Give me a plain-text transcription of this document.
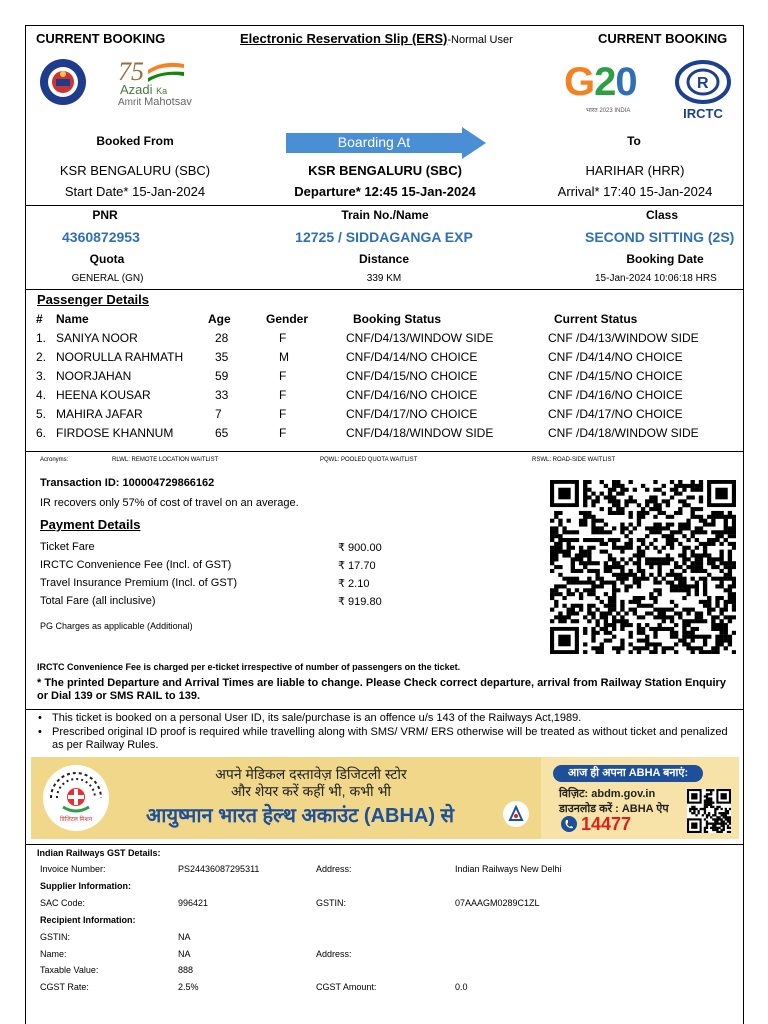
CURRENT BOOKING	CURRENT BOOKING
Electronic Reservation Slip (ERS)-Normal User
75
Azadi Ka
Amrit Mahotsav	G20
भारत 2023 INDIA
R
IRCTC
Booked From	Boarding At	To
KSR BENGALURU (SBC)	KSR BENGALURU (SBC)	HARIHAR (HRR)
Start Date* 15-Jan-2024	Departure* 12:45 15-Jan-2024	Arrival* 17:40 15-Jan-2024
PNR	Train No./Name	Class
4360872953	12725 / SIDDAGANGA EXP	SECOND SITTING (2S)
Quota	Distance	Booking Date
GENERAL (GN)	339 KM	15-Jan-2024 10:06:18 HRS
Passenger Details
# Name	Age	Gender	Booking Status	Current Status
1. SANIYA NOOR	28	F	CNF/D4/13/WINDOW SIDE	CNF /D4/13/WINDOW SIDE
2. NOORULLA RAHMATH	35	M	CNF/D4/14/NO CHOICE	CNF /D4/14/NO CHOICE
3. NOORJAHAN	59	F	CNF/D4/15/NO CHOICE	CNF /D4/15/NO CHOICE
4. HEENA KOUSAR	33	F	CNF/D4/16/NO CHOICE	CNF /D4/16/NO CHOICE
5. MAHIRA JAFAR	7	F	CNF/D4/17/NO CHOICE	CNF /D4/17/NO CHOICE
6. FIRDOSE KHANNUM	65	F	CNF/D4/18/WINDOW SIDE	CNF /D4/18/WINDOW SIDE
Acronyms:	RLWL: REMOTE LOCATION WAITLIST	PQWL: POOLED QUOTA WAITLIST	RSWL: ROAD-SIDE WAITLIST
Transaction ID: 100004729866162
IR recovers only 57% of cost of travel on an average.
Payment Details
Ticket Fare	₹ 900.00
IRCTC Convenience Fee (Incl. of GST)	₹ 17.70
Travel Insurance Premium (Incl. of GST)	₹ 2.10
Total Fare (all inclusive)	₹ 919.80
PG Charges as applicable (Additional)
IRCTC Convenience Fee is charged per e-ticket irrespective of number of passengers on the ticket.
* The printed Departure and Arrival Times are liable to change. Please Check correct departure, arrival from Railway Station Enquiry or Dial 139 or SMS RAIL to 139.
• This ticket is booked on a personal User ID, its sale/purchase is an offence u/s 143 of the Railways Act,1989.
• Prescribed original ID proof is required while travelling along with SMS/ VRM/ ERS otherwise will be treated as without ticket and penalized as per Railway Rules.
डिजिटल मिशन
अपने मेडिकल दस्तावेज़ डिजिटली स्टोर
और शेयर करें कहीं भी, कभी भी
आयुष्मान भारत हेल्थ अकाउंट (ABHA) से
आज ही अपना ABHA बनाएं:
विज़िट: abdm.gov.in
डाउनलोड करें : ABHA ऐप
14477
Indian Railways GST Details:
Invoice Number:	PS24436087295311	Address:	Indian Railways New Delhi
Supplier Information:
SAC Code:	996421	GSTIN:	07AAAGM0289C1ZL
Recipient Information:
GSTIN:	NA
Name:	NA	Address:
Taxable Value:	888
CGST Rate:	2.5%	CGST Amount:	0.0
